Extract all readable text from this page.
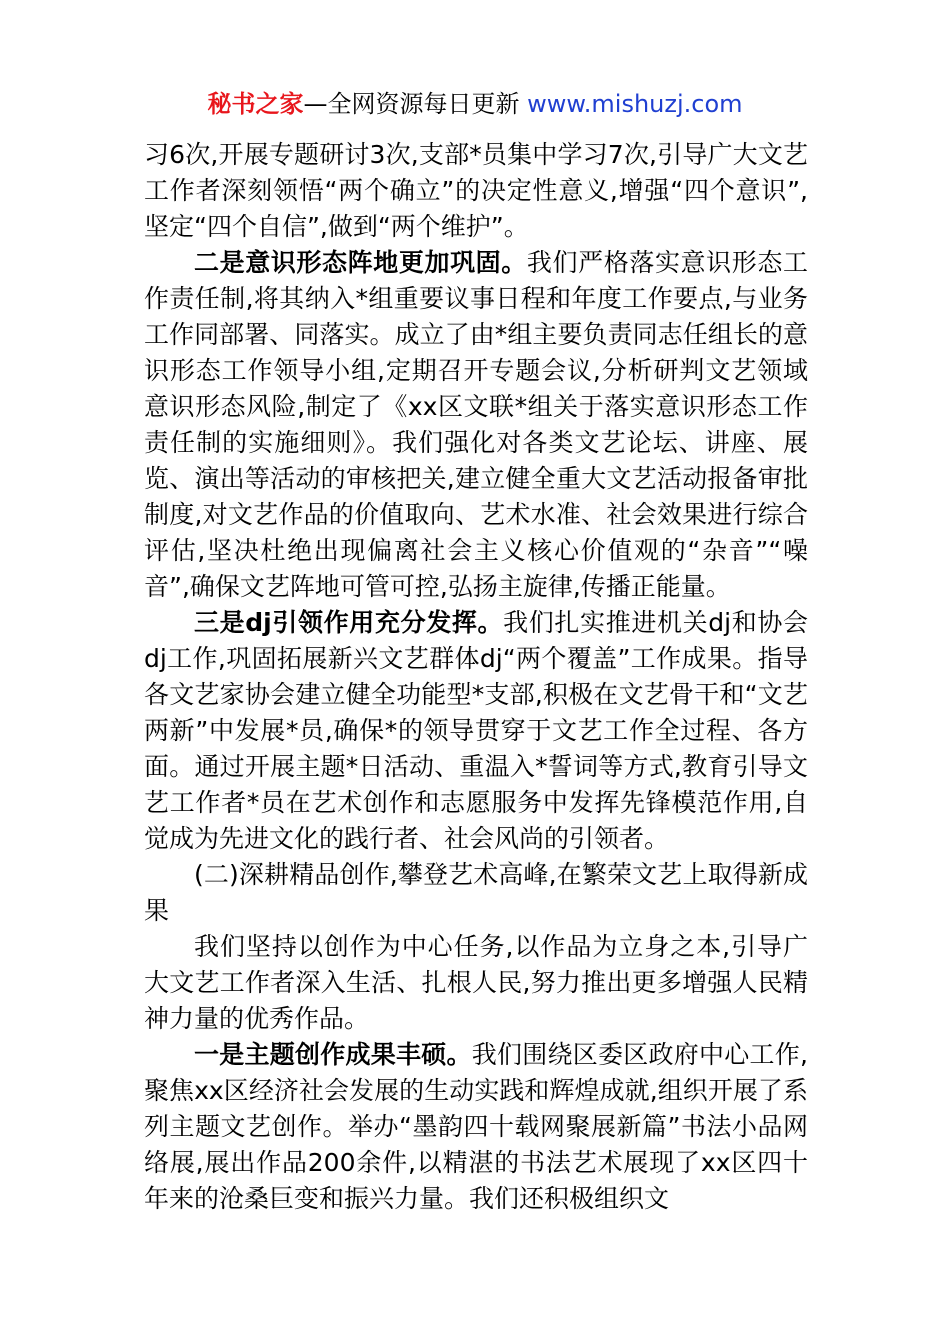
秘书之家—全网资源每日更新 www.mishuzj.com

习6次,开展专题研讨3次,支部*员集中学习7次,引导广大文艺工作者深刻领悟“两个确立”的决定性意义,增强“四个意识”,坚定“四个自信”,做到“两个维护”。

二是意识形态阵地更加巩固。我们严格落实意识形态工作责任制,将其纳入*组重要议事日程和年度工作要点,与业务工作同部署、同落实。成立了由*组主要负责同志任组长的意识形态工作领导小组,定期召开专题会议,分析研判文艺领域意识形态风险,制定了《xx区文联*组关于落实意识形态工作责任制的实施细则》。我们强化对各类文艺论坛、讲座、展览、演出等活动的审核把关,建立健全重大文艺活动报备审批制度,对文艺作品的价值取向、艺术水准、社会效果进行综合评估,坚决杜绝出现偏离社会主义核心价值观的“杂音”“噪音”,确保文艺阵地可管可控,弘扬主旋律,传播正能量。

三是dj引领作用充分发挥。我们扎实推进机关dj和协会dj工作,巩固拓展新兴文艺群体dj“两个覆盖”工作成果。指导各文艺家协会建立健全功能型*支部,积极在文艺骨干和“文艺两新”中发展*员,确保*的领导贯穿于文艺工作全过程、各方面。通过开展主题*日活动、重温入*誓词等方式,教育引导文艺工作者*员在艺术创作和志愿服务中发挥先锋模范作用,自觉成为先进文化的践行者、社会风尚的引领者。

(二)深耕精品创作,攀登艺术高峰,在繁荣文艺上取得新成果

我们坚持以创作为中心任务,以作品为立身之本,引导广大文艺工作者深入生活、扎根人民,努力推出更多增强人民精神力量的优秀作品。

一是主题创作成果丰硕。我们围绕区委区政府中心工作,聚焦xx区经济社会发展的生动实践和辉煌成就,组织开展了系列主题文艺创作。举办“墨韵四十载网聚展新篇”书法小品网络展,展出作品200余件,以精湛的书法艺术展现了xx区四十年来的沧桑巨变和振兴力量。我们还积极组织文
